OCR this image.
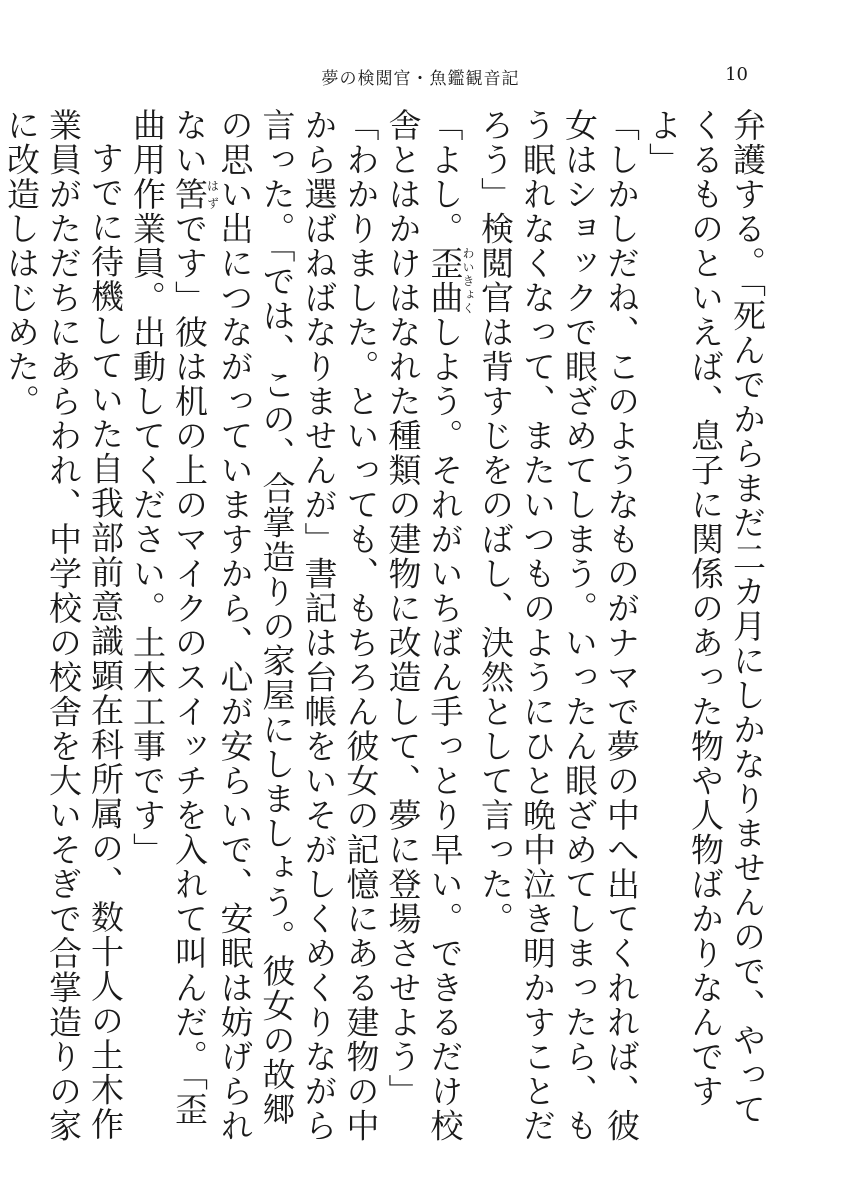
夢の検閲官・魚鑑観音記	10

弁護する。「死んでからまだ二カ月にしかなりませんので、やってくるものといえば、息子に関係のあった物や人物ばかりなんですよ」

「しかしだね、このようなものがナマで夢の中へ出てくれれば、彼女はショックで眼ざめてしまう。いったん眼ざめてしまったら、もう眠れなくなって、またいつものようにひと晩中泣き明かすことだろう」検閲官は背すじをのばし、決然として言った。

「よし。歪曲わいきょくしよう。それがいちばん手っとり早い。できるだけ校舎とはかけはなれた種類の建物に改造して、夢に登場させよう」

「わかりました。といっても、もちろん彼女の記憶にある建物の中から選ばねばなりませんが」書記は台帳をいそがしくめくりながら言った。「では、この、合掌造りの家屋にしましょう。彼女の故郷の思い出につながっていますから、心が安らいで、安眠は妨げられない筈はずです」彼は机の上のマイクのスイッチを入れて叫んだ。「歪曲用作業員。出動してください。土木工事です」

すでに待機していた自我部前意識顕在科所属の、数十人の土木作業員がただちにあらわれ、中学校の校舎を大いそぎで合掌造りの家に改造しはじめた。
